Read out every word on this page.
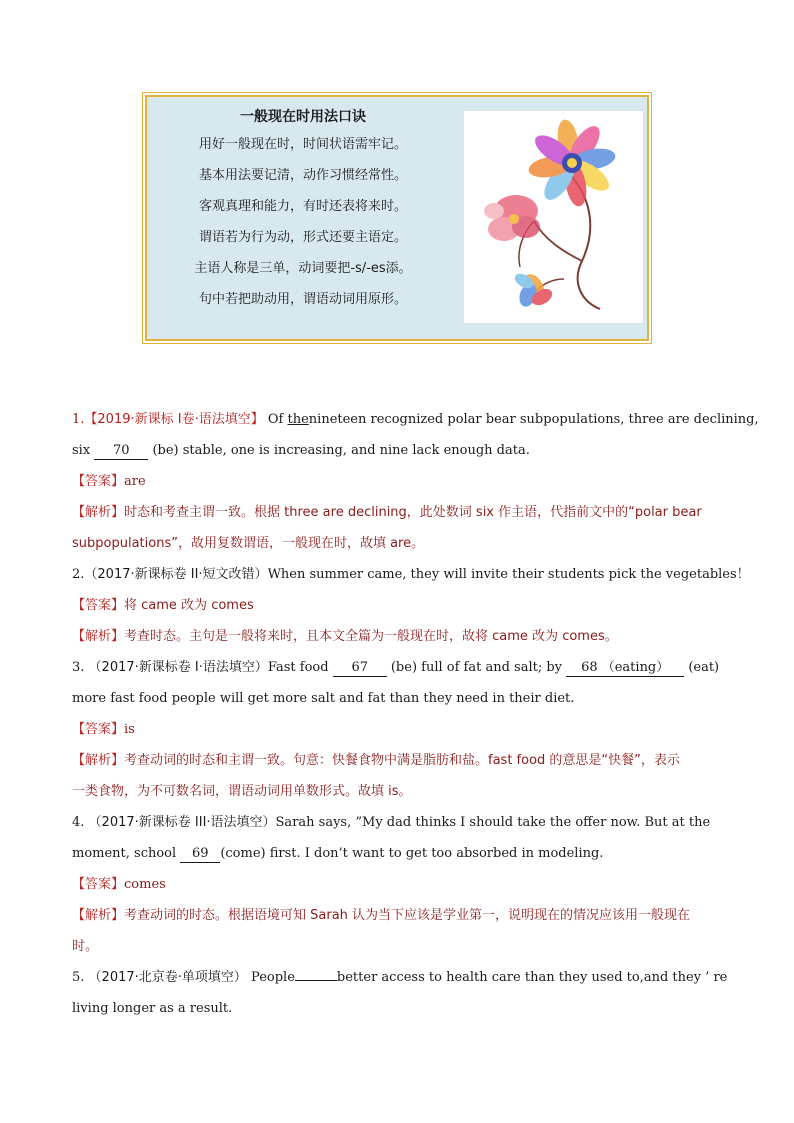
一般现在时用法口诀
用好一般现在时，时间状语需牢记。
基本用法要记清，动作习惯经常性。
客观真理和能力，有时还表将来时。
谓语若为行为动，形式还要主语定。
主语人称是三单，动词要把-s/-es添。
句中若把助动用，谓语动词用原形。
1.【2019·新课标 I卷·语法填空】 Of the nineteen recognized polar bear subpopulations, three are declining,
six 70 (be) stable, one is increasing, and nine lack enough data.
【答案】are
【解析】时态和考查主谓一致。根据 three are declining，此处数词 six 作主语，代指前文中的“polar bear
subpopulations”，故用复数谓语，一般现在时，故填 are。
2.（2017·新课标卷 II·短文改错）When summer came, they will invite their students pick the vegetables！
【答案】将 came 改为 comes
【解析】考查时态。主句是一般将来时，且本文全篇为一般现在时，故将 came 改为 comes。
3. （2017·新课标卷 I·语法填空）Fast food 67 (be) full of fat and salt; by 68 （eating） (eat)
more fast food people will get more salt and fat than they need in their diet.
【答案】is
【解析】考查动词的时态和主谓一致。句意：快餐食物中满是脂肪和盐。fast food 的意思是“快餐”，表示
一类食物，为不可数名词，谓语动词用单数形式。故填 is。
4. （2017·新课标卷 III·语法填空）Sarah says, ”My dad thinks I should take the offer now. But at the
moment, school 69 (come) first. I don’t want to get too absorbed in modeling.
【答案】comes
【解析】考查动词的时态。根据语境可知 Sarah 认为当下应该是学业第一，说明现在的情况应该用一般现在
时。
5. （2017·北京卷·单项填空） People	better access to health care than they used to,and they ’ re
living longer as a result.
